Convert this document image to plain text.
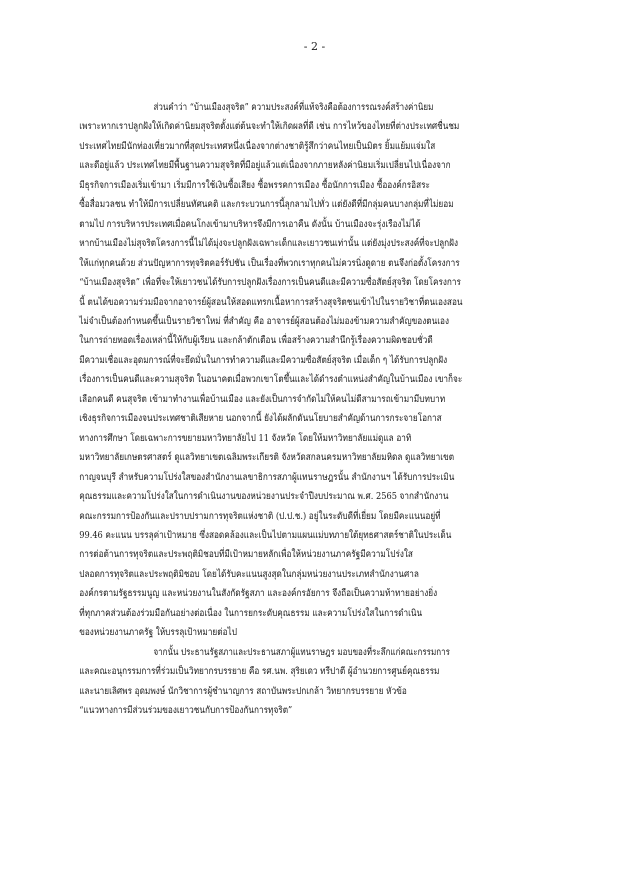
- 2 -

ส่วนคำว่า “บ้านเมืองสุจริต” ความประสงค์ที่แท้จริงคือต้องการรณรงค์สร้างค่านิยม
เพราะหากเราปลูกฝังให้เกิดค่านิยมสุจริตตั้งแต่ต้นจะทำให้เกิดผลที่ดี เช่น การไหว้ของไทยที่ต่างประเทศชื่นชม
ประเทศไทยมีนักท่องเที่ยวมากที่สุดประเทศหนึ่งเนื่องจากต่างชาติรู้สึกว่าคนไทยเป็นมิตร ยิ้มแย้มแจ่มใส
และดีอยู่แล้ว ประเทศไทยมีพื้นฐานความสุจริตที่มีอยู่แล้วแต่เนื่องจากภายหลังค่านิยมเริ่มเปลี่ยนไปเนื่องจาก
มีธุรกิจการเมืองเริ่มเข้ามา เริ่มมีการใช้เงินซื้อเสียง ซื้อพรรคการเมือง ซื้อนักการเมือง ซื้อองค์กรอิสระ
ซื้อสื่อมวลชน ทำให้มีการเปลี่ยนทัศนคติ และกระบวนการนี้ลุกลามไปทั่ว แต่ยังดีที่มีกลุ่มคนบางกลุ่มที่ไม่ยอม
ตามไป การบริหารประเทศเมื่อคนโกงเข้ามาบริหารจึงมีการเอาคืน ดังนั้น บ้านเมืองจะรุ่งเรืองไม่ได้
หากบ้านเมืองไม่สุจริตโครงการนี้ไม่ได้มุ่งจะปลูกฝังเฉพาะเด็กและเยาวชนเท่านั้น แต่ยังมุ่งประสงค์ที่จะปลูกฝัง
ให้แก่ทุกคนด้วย ส่วนปัญหาการทุจริตคอร์รัปชัน เป็นเรื่องที่พวกเราทุกคนไม่ควรนิ่งดูดาย ตนจึงก่อตั้งโครงการ
“บ้านเมืองสุจริต” เพื่อที่จะให้เยาวชนได้รับการปลูกฝังเรื่องการเป็นคนดีและมีความซื่อสัตย์สุจริต โดยโครงการ
นี้ ตนได้ขอความร่วมมือจากอาจารย์ผู้สอนให้สอดแทรกเนื้อหาการสร้างสุจริตชนเข้าไปในรายวิชาที่ตนเองสอน
ไม่จำเป็นต้องกำหนดขึ้นเป็นรายวิชาใหม่ ที่สำคัญ คือ อาจารย์ผู้สอนต้องไม่มองข้ามความสำคัญของตนเอง
ในการถ่ายทอดเรื่องเหล่านี้ให้กับผู้เรียน และกล้าตักเตือน เพื่อสร้างความสำนึกรู้เรื่องความผิดชอบชั่วดี
มีความเชื่อและอุดมการณ์ที่จะยึดมั่นในการทำความดีและมีความซื่อสัตย์สุจริต เมื่อเด็ก ๆ ได้รับการปลูกฝัง
เรื่องการเป็นคนดีและความสุจริต ในอนาคตเมื่อพวกเขาโตขึ้นและได้ดำรงตำแหน่งสำคัญในบ้านเมือง เขาก็จะ
เลือกคนดี คนสุจริต เข้ามาทำงานเพื่อบ้านเมือง และยังเป็นการจำกัดไม่ให้คนไม่ดีสามารถเข้ามามีบทบาท
เชิงธุรกิจการเมืองจนประเทศชาติเสียหาย นอกจากนี้ ยังได้ผลักดันนโยบายสำคัญด้านการกระจายโอกาส
ทางการศึกษา โดยเฉพาะการขยายมหาวิทยาลัยไป 11 จังหวัด โดยให้มหาวิทยาลัยแม่ดูแล อาทิ
มหาวิทยาลัยเกษตรศาสตร์ ดูแลวิทยาเขตเฉลิมพระเกียรติ จังหวัดสกลนครมหาวิทยาลัยมหิดล ดูแลวิทยาเขต
กาญจนบุรี สำหรับความโปร่งใสของสำนักงานเลขาธิการสภาผู้แทนราษฎรนั้น สำนักงานฯ ได้รับการประเมิน
คุณธรรมและความโปร่งใสในการดำเนินงานของหน่วยงานประจำปีงบประมาณ พ.ศ. 2565 จากสำนักงาน
คณะกรรมการป้องกันและปราบปรามการทุจริตแห่งชาติ (ป.ป.ช.) อยู่ในระดับดีที่เยี่ยม โดยมีคะแนนอยู่ที่
99.46 คะแนน บรรลุค่าเป้าหมาย ซึ่งสอดคล้องและเป็นไปตามแผนแม่บทภายใต้ยุทธศาสตร์ชาติในประเด็น
การต่อต้านการทุจริตและประพฤติมิชอบที่มีเป้าหมายหลักเพื่อให้หน่วยงานภาครัฐมีความโปร่งใส
ปลอดการทุจริตและประพฤติมิชอบ โดยได้รับคะแนนสูงสุดในกลุ่มหน่วยงานประเภทสำนักงานศาล
องค์กรตามรัฐธรรมนูญ และหน่วยงานในสังกัดรัฐสภา และองค์กรอัยการ จึงถือเป็นความท้าทายอย่างยิ่ง
ที่ทุกภาคส่วนต้องร่วมมือกันอย่างต่อเนื่อง ในการยกระดับคุณธรรม และความโปร่งใสในการดำเนิน
ของหน่วยงานภาครัฐ ให้บรรลุเป้าหมายต่อไป

จากนั้น ประธานรัฐสภาและประธานสภาผู้แทนราษฎร มอบของที่ระลึกแก่คณะกรรมการ
และคณะอนุกรรมการที่ร่วมเป็นวิทยากรบรรยาย คือ รศ.นพ. สุริยเดว ทรีปาตี ผู้อำนวยการศูนย์คุณธรรม
และนายเลิศพร อุดมพงษ์ นักวิชาการผู้ชำนาญการ สถาบันพระปกเกล้า วิทยากรบรรยาย หัวข้อ
“แนวทางการมีส่วนร่วมของเยาวชนกับการป้องกันการทุจริต”
